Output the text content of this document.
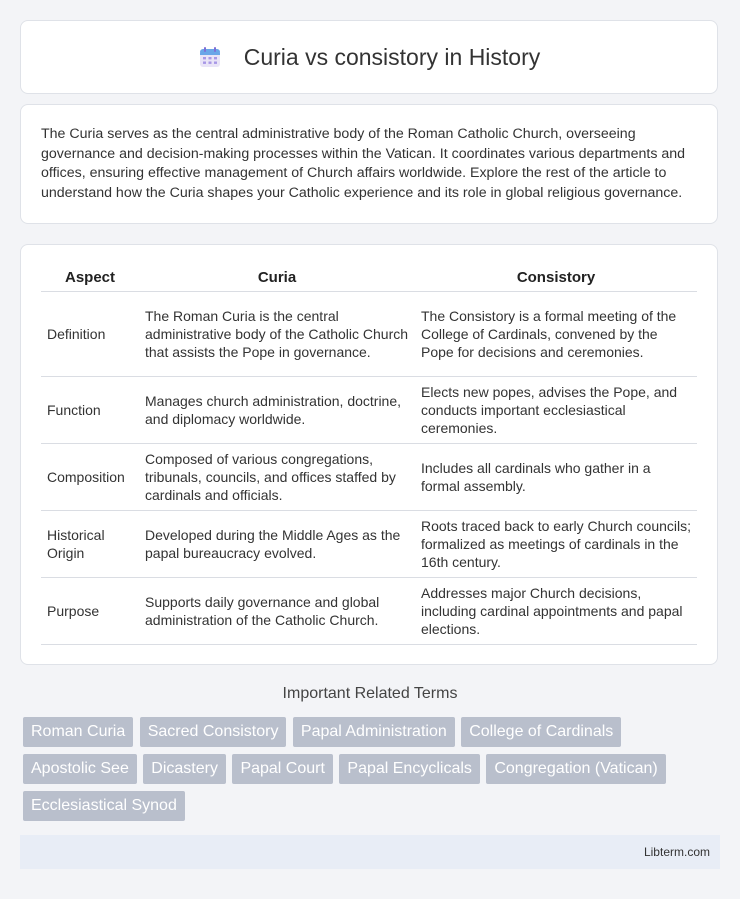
Curia vs consistory in History

The Curia serves as the central administrative body of the Roman Catholic Church, overseeing governance and decision-making processes within the Vatican. It coordinates various departments and offices, ensuring effective management of Church affairs worldwide. Explore the rest of the article to understand how the Curia shapes your Catholic experience and its role in global religious governance.

Aspect	Curia	Consistory
Definition	The Roman Curia is the central administrative body of the Catholic Church that assists the Pope in governance.	The Consistory is a formal meeting of the College of Cardinals, convened by the Pope for decisions and ceremonies.
Function	Manages church administration, doctrine, and diplomacy worldwide.	Elects new popes, advises the Pope, and conducts important ecclesiastical ceremonies.
Composition	Composed of various congregations, tribunals, councils, and offices staffed by cardinals and officials.	Includes all cardinals who gather in a formal assembly.
Historical Origin	Developed during the Middle Ages as the papal bureaucracy evolved.	Roots traced back to early Church councils; formalized as meetings of cardinals in the 16th century.
Purpose	Supports daily governance and global administration of the Catholic Church.	Addresses major Church decisions, including cardinal appointments and papal elections.
Important Related Terms
Roman Curia Sacred Consistory Papal Administration College of Cardinals Apostolic See Dicastery Papal Court Papal Encyclicals Congregation (Vatican) Ecclesiastical Synod
Libterm.com
